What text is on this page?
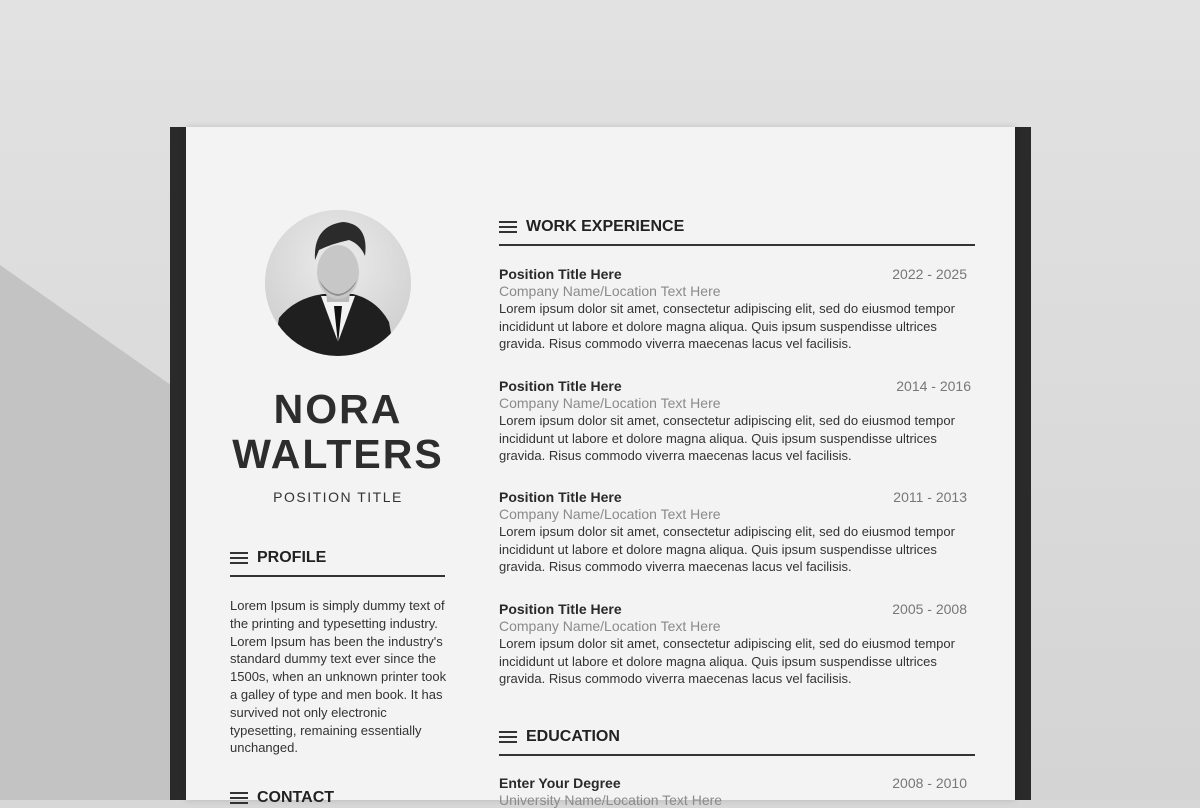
NORA
WALTERS
POSITION TITLE
PROFILE
Lorem Ipsum is simply dummy text of the printing and typesetting industry. Lorem Ipsum has been the industry's standard dummy text ever since the 1500s, when an unknown printer took a galley of type and men book. It has survived not only electronic typesetting, remaining essentially unchanged.
CONTACT
WORK EXPERIENCE
Position Title Here	2022 - 2025
Company Name/Location Text Here
Lorem ipsum dolor sit amet, consectetur adipiscing elit, sed do eiusmod tempor incididunt ut labore et dolore magna aliqua. Quis ipsum suspendisse ultrices gravida. Risus commodo viverra maecenas lacus vel facilisis.
Position Title Here	2014 - 2016
Company Name/Location Text Here
Lorem ipsum dolor sit amet, consectetur adipiscing elit, sed do eiusmod tempor incididunt ut labore et dolore magna aliqua. Quis ipsum suspendisse ultrices gravida. Risus commodo viverra maecenas lacus vel facilisis.
Position Title Here	2011 - 2013
Company Name/Location Text Here
Lorem ipsum dolor sit amet, consectetur adipiscing elit, sed do eiusmod tempor incididunt ut labore et dolore magna aliqua. Quis ipsum suspendisse ultrices gravida. Risus commodo viverra maecenas lacus vel facilisis.
Position Title Here	2005 - 2008
Company Name/Location Text Here
Lorem ipsum dolor sit amet, consectetur adipiscing elit, sed do eiusmod tempor incididunt ut labore et dolore magna aliqua. Quis ipsum suspendisse ultrices gravida. Risus commodo viverra maecenas lacus vel facilisis.
EDUCATION
Enter Your Degree	2008 - 2010
University Name/Location Text Here
